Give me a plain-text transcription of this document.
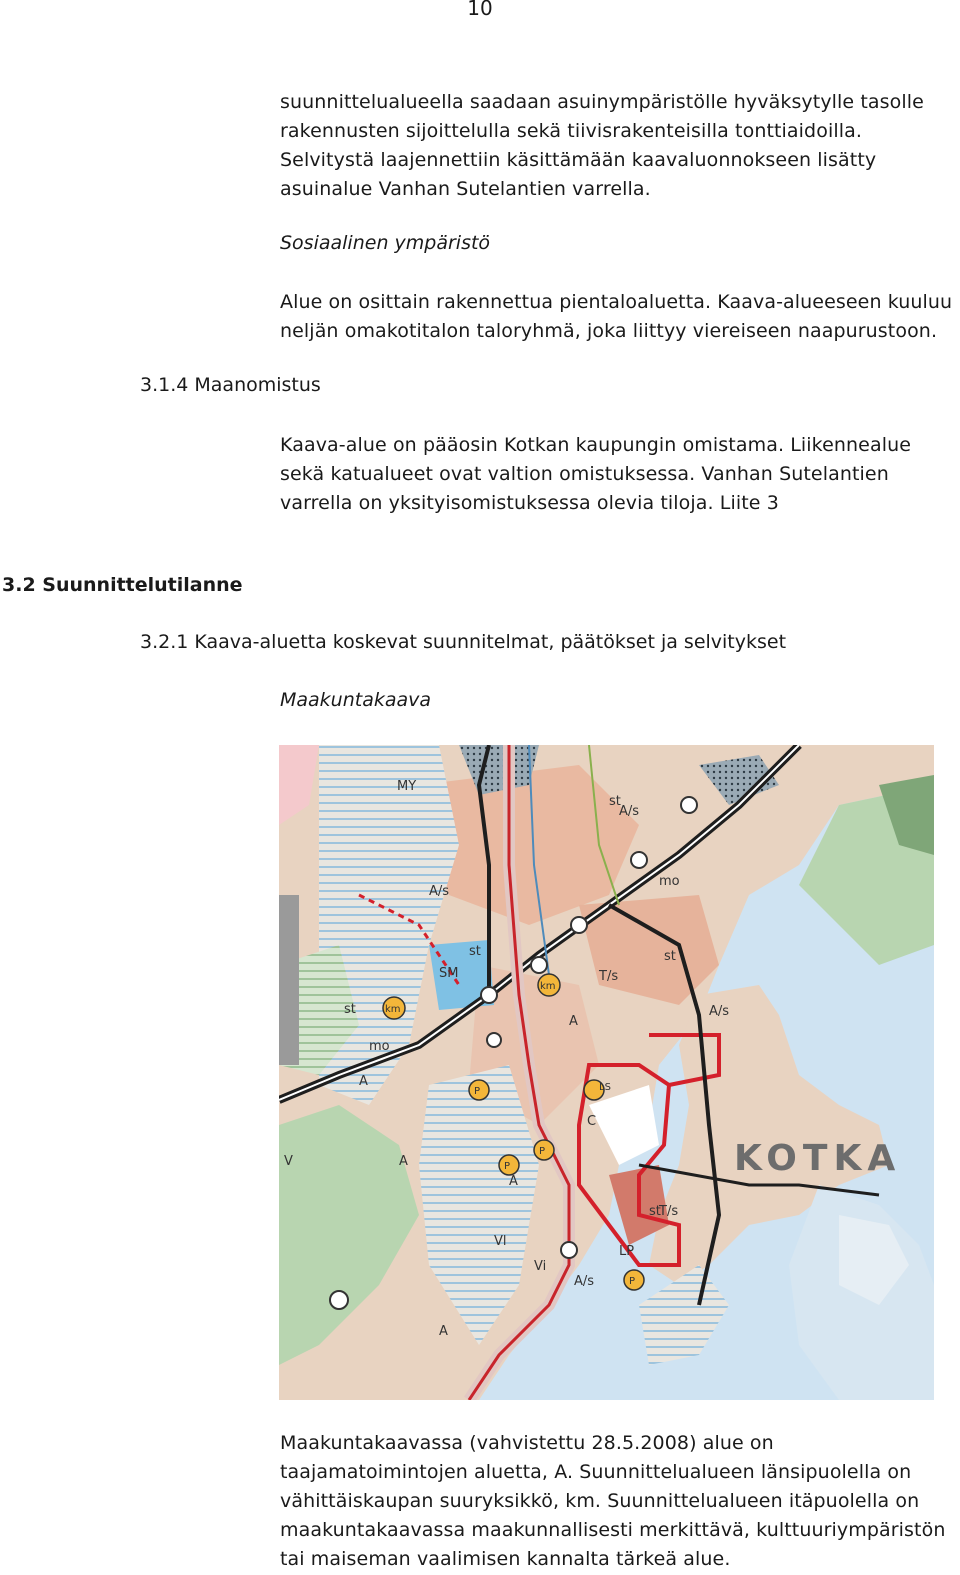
10

suunnittelualueella saadaan asuinympäristölle hyväksytylle tasolle rakennusten sijoittelulla sekä tiivisrakenteisilla tonttiaidoilla. Selvitystä laajennettiin käsittämään kaavaluonnokseen lisätty asuinalue Vanhan Sutelantien varrella.

Sosiaalinen ympäristö

Alue on osittain rakennettua pientaloaluetta. Kaava-alueeseen kuuluu neljän omakotitalon taloryhmä, joka liittyy viereiseen naapurustoon.

3.1.4 Maanomistus

Kaava-alue on pääosin Kotkan kaupungin omistama. Liikennealue sekä katualueet ovat valtion omistuksessa. Vanhan Sutelantien varrella on yksityisomistuksessa olevia tiloja. Liite 3

3.2 Suunnittelutilanne
3.2.1 Kaava-aluetta koskevat suunnitelmat, päätökset ja selvitykset
Maakuntakaava
MY
A/s
A/s
st
st
st
st
st
mo
mo
SM
km
km
T/s
T/s
A
A
A
A
A
Vi
V
P
P
P
P
C
Vl
LS
A/s
A/s
LP
KOTKA

Maakuntakaavassa (vahvistettu 28.5.2008) alue on taajamatoimintojen aluetta, A. Suunnittelualueen länsipuolella on vähittäiskaupan suuryksikkö, km. Suunnittelualueen itäpuolella on maakuntakaavassa maakunnallisesti merkittävä, kulttuuriympäristön tai maiseman vaalimisen kannalta tärkeä alue.
